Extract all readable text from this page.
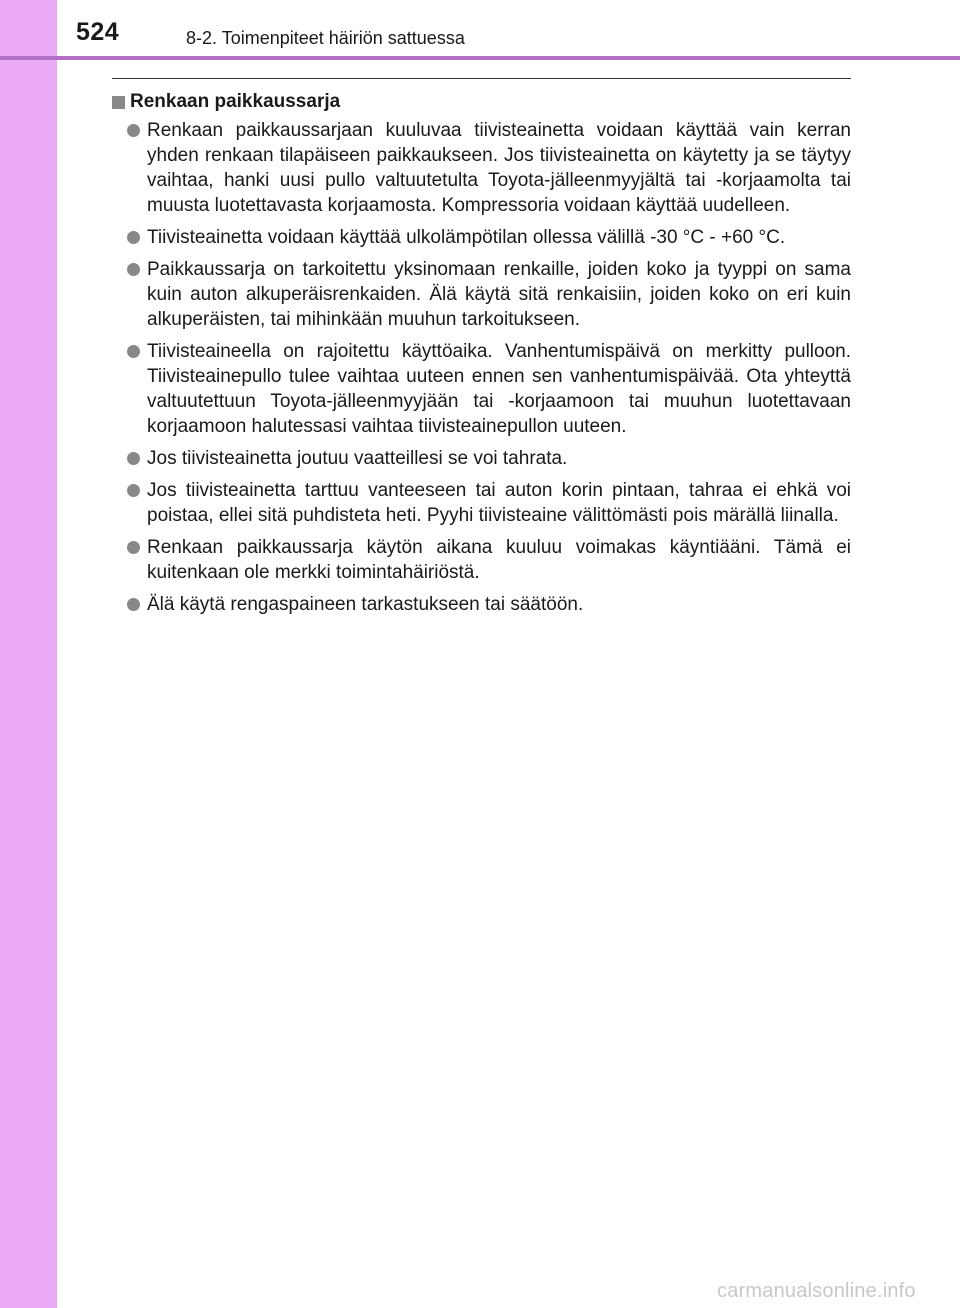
524	8-2. Toimenpiteet häiriön sattuessa
Renkaan paikkaussarja
Renkaan paikkaussarjaan kuuluvaa tiivisteainetta voidaan käyttää vain kerran yhden renkaan tilapäiseen paikkaukseen. Jos tiivisteainetta on käytetty ja se täytyy vaihtaa, hanki uusi pullo valtuutetulta Toyota-jälleenmyyjältä tai -korjaamolta tai muusta luotettavasta korjaamosta. Kompressoria voidaan käyttää uudelleen.
Tiivisteainetta voidaan käyttää ulkolämpötilan ollessa välillä -30 °C - +60 °C.
Paikkaussarja on tarkoitettu yksinomaan renkaille, joiden koko ja tyyppi on sama kuin auton alkuperäisrenkaiden. Älä käytä sitä renkaisiin, joiden koko on eri kuin alkuperäisten, tai mihinkään muuhun tarkoitukseen.
Tiivisteaineella on rajoitettu käyttöaika. Vanhentumispäivä on merkitty pulloon. Tiivisteainepullo tulee vaihtaa uuteen ennen sen vanhentumispäivää. Ota yhteyttä valtuutettuun Toyota-jälleenmyyjään tai -korjaamoon tai muuhun luotettavaan korjaamoon halutessasi vaihtaa tiivisteainepullon uuteen.
Jos tiivisteainetta joutuu vaatteillesi se voi tahrata.
Jos tiivisteainetta tarttuu vanteeseen tai auton korin pintaan, tahraa ei ehkä voi poistaa, ellei sitä puhdisteta heti. Pyyhi tiivisteaine välittömästi pois märällä liinalla.
Renkaan paikkaussarja käytön aikana kuuluu voimakas käyntiääni. Tämä ei kuitenkaan ole merkki toimintahäiriöstä.
Älä käytä rengaspaineen tarkastukseen tai säätöön.
carmanualsonline.info
